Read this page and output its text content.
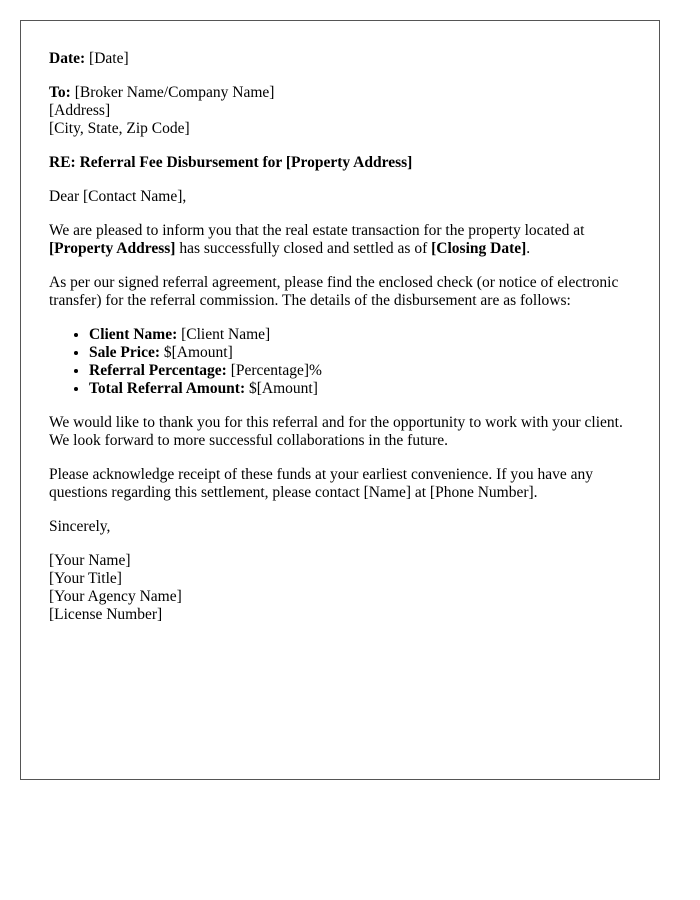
Date: [Date]
To: [Broker Name/Company Name]
[Address]
[City, State, Zip Code]
RE: Referral Fee Disbursement for [Property Address]
Dear [Contact Name],
We are pleased to inform you that the real estate transaction for the property located at [Property Address] has successfully closed and settled as of [Closing Date].
As per our signed referral agreement, please find the enclosed check (or notice of electronic transfer) for the referral commission. The details of the disbursement are as follows:
• Client Name: [Client Name]
• Sale Price: $[Amount]
• Referral Percentage: [Percentage]%
• Total Referral Amount: $[Amount]
We would like to thank you for this referral and for the opportunity to work with your client. We look forward to more successful collaborations in the future.
Please acknowledge receipt of these funds at your earliest convenience. If you have any questions regarding this settlement, please contact [Name] at [Phone Number].
Sincerely,
[Your Name]
[Your Title]
[Your Agency Name]
[License Number]
